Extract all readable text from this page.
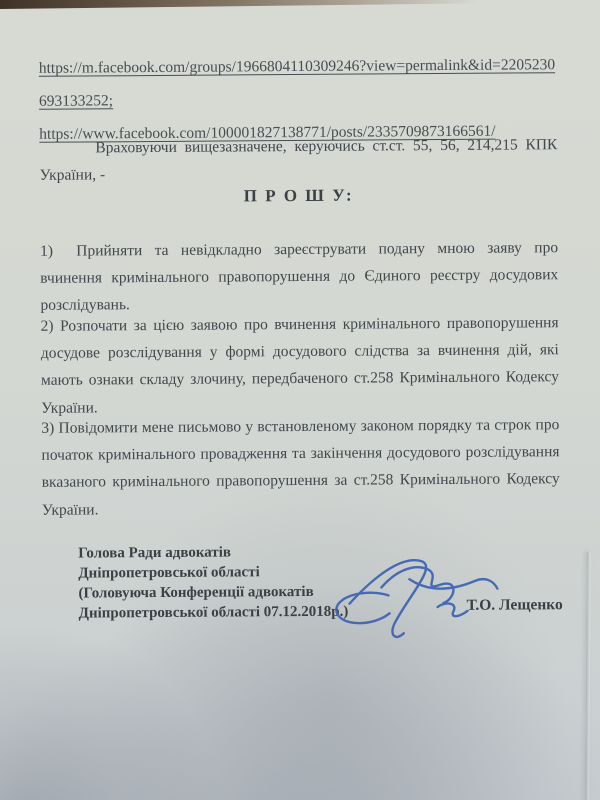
https://m.facebook.com/groups/1966804110309246?view=permalink&id=2205230
693133252;
https://www.facebook.com/100001827138771/posts/2335709873166561/
Враховуючи вищезазначене, керуючись ст.ст. 55, 56, 214,215 КПК
України, -
П Р О Ш У:
1)  Прийняти та невідкладно зареєструвати подану мною заяву про
вчинення кримінального правопорушення до Єдиного реєстру досудових
розслідувань.
2) Розпочати за цією заявою про вчинення кримінального правопорушення
досудове розслідування у формі досудового слідства за вчинення дій, які
мають ознаки складу злочину, передбаченого ст.258 Кримінального Кодексу
України.
3) Повідомити мене письмово у встановленому законом порядку та строк про
початок кримінального провадження та закінчення досудового розслідування
вказаного кримінального правопорушення за ст.258 Кримінального Кодексу
України.
Голова Ради адвокатів
Дніпропетровської області
(Головуюча Конференції адвокатів
Дніпропетровської області 07.12.2018р.)	Т.О. Лещенко
